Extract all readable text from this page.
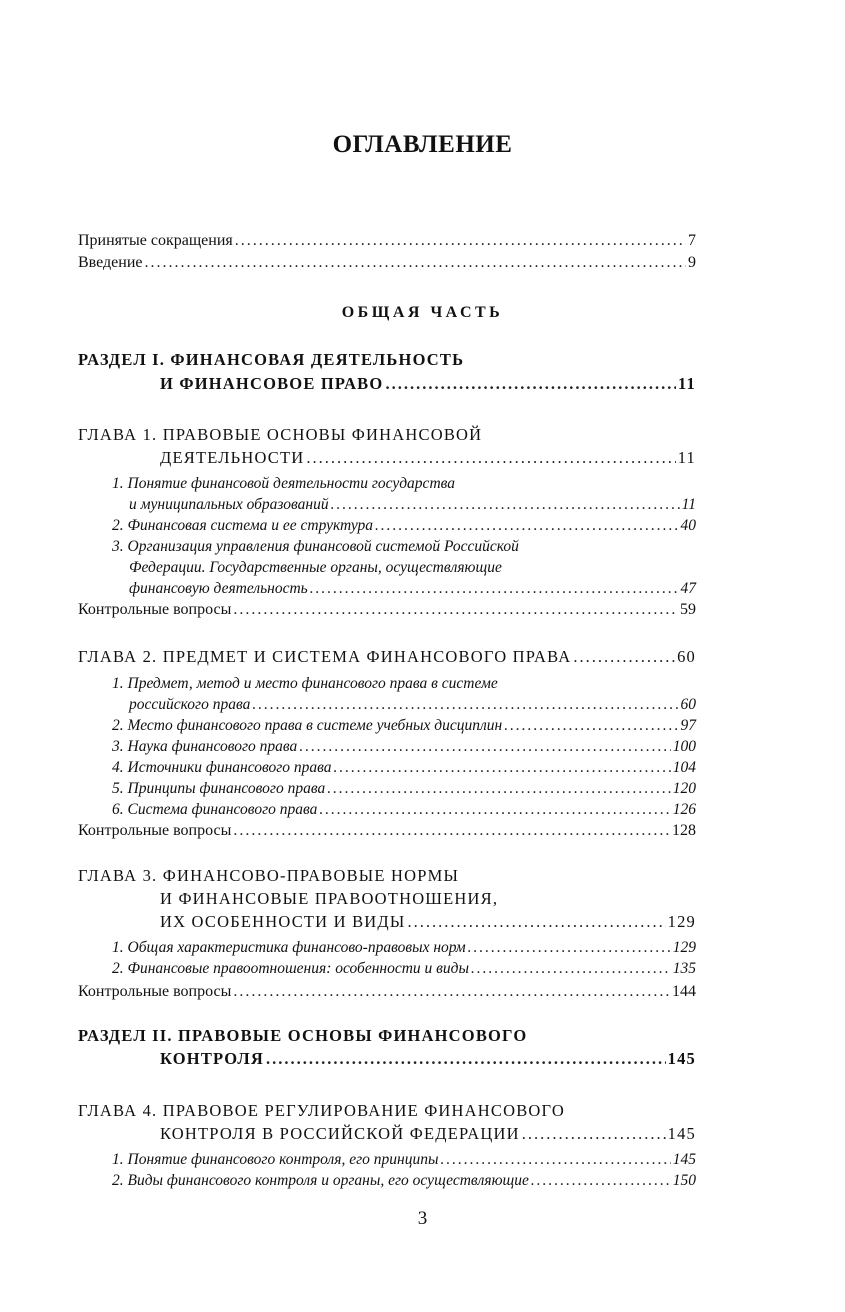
ОГЛАВЛЕНИЕ
Принятые сокращения .....	7
Введение .....	9
ОБЩАЯ ЧАСТЬ
РАЗДЕЛ I. ФИНАНСОВАЯ ДЕЯТЕЛЬНОСТЬ
И ФИНАНСОВОЕ ПРАВО .....	11
ГЛАВА 1. ПРАВОВЫЕ ОСНОВЫ ФИНАНСОВОЙ
ДЕЯТЕЛЬНОСТИ .....	11
1. Понятие финансовой деятельности государства
и муниципальных образований .....	11
2. Финансовая система и ее структура .....	40
3. Организация управления финансовой системой Российской
Федерации. Государственные органы, осуществляющие
финансовую деятельность .....	47
Контрольные вопросы .....	59
ГЛАВА 2. ПРЕДМЕТ И СИСТЕМА ФИНАНСОВОГО ПРАВА .....	60
1. Предмет, метод и место финансового права в системе
российского права .....	60
2. Место финансового права в системе учебных дисциплин .....	97
3. Наука финансового права .....	100
4. Источники финансового права .....	104
5. Принципы финансового права .....	120
6. Система финансового права .....	126
Контрольные вопросы .....	128
ГЛАВА 3. ФИНАНСОВО-ПРАВОВЫЕ НОРМЫ
И ФИНАНСОВЫЕ ПРАВООТНОШЕНИЯ,
ИХ ОСОБЕННОСТИ И ВИДЫ .....	129
1. Общая характеристика финансово-правовых норм .....	129
2. Финансовые правоотношения: особенности и виды .....	135
Контрольные вопросы .....	144
РАЗДЕЛ II. ПРАВОВЫЕ ОСНОВЫ ФИНАНСОВОГО
КОНТРОЛЯ .....	145
ГЛАВА 4. ПРАВОВОЕ РЕГУЛИРОВАНИЕ ФИНАНСОВОГО
КОНТРОЛЯ В РОССИЙСКОЙ ФЕДЕРАЦИИ .....	145
1. Понятие финансового контроля, его принципы .....	145
2. Виды финансового контроля и органы, его осуществляющие .....	150
3
